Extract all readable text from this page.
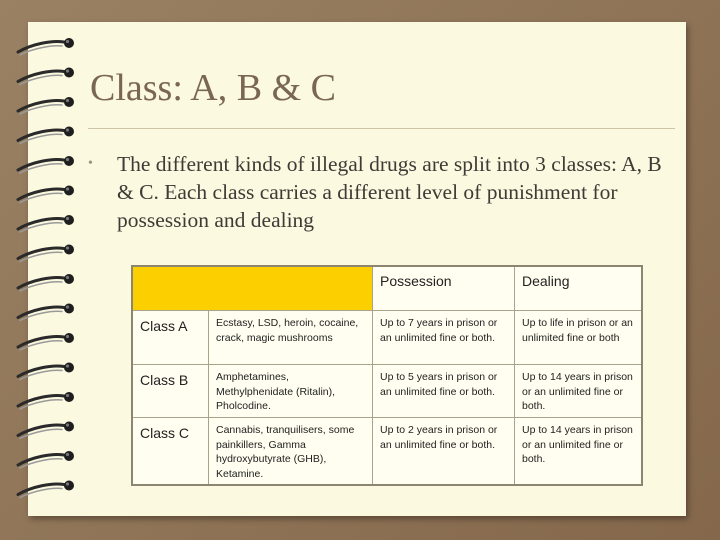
Class: A, B & C
• The different kinds of illegal drugs are split into 3 classes: A, B & C. Each class carries a different level of punishment for possession and dealing
		Possession	Dealing
Class A	Ecstasy, LSD, heroin, cocaine, crack, magic mushrooms	Up to 7 years in prison or an unlimited fine or both.	Up to life in prison or an unlimited fine or both
Class B	Amphetamines, Methylphenidate (Ritalin), Pholcodine.	Up to 5 years in prison or an unlimited fine or both.	Up to 14 years in prison or an unlimited fine or both.
Class C	Cannabis, tranquilisers, some painkillers, Gamma hydroxybutyrate (GHB), Ketamine.	Up to 2 years in prison or an unlimited fine or both.	Up to 14 years in prison or an unlimited fine or both.
